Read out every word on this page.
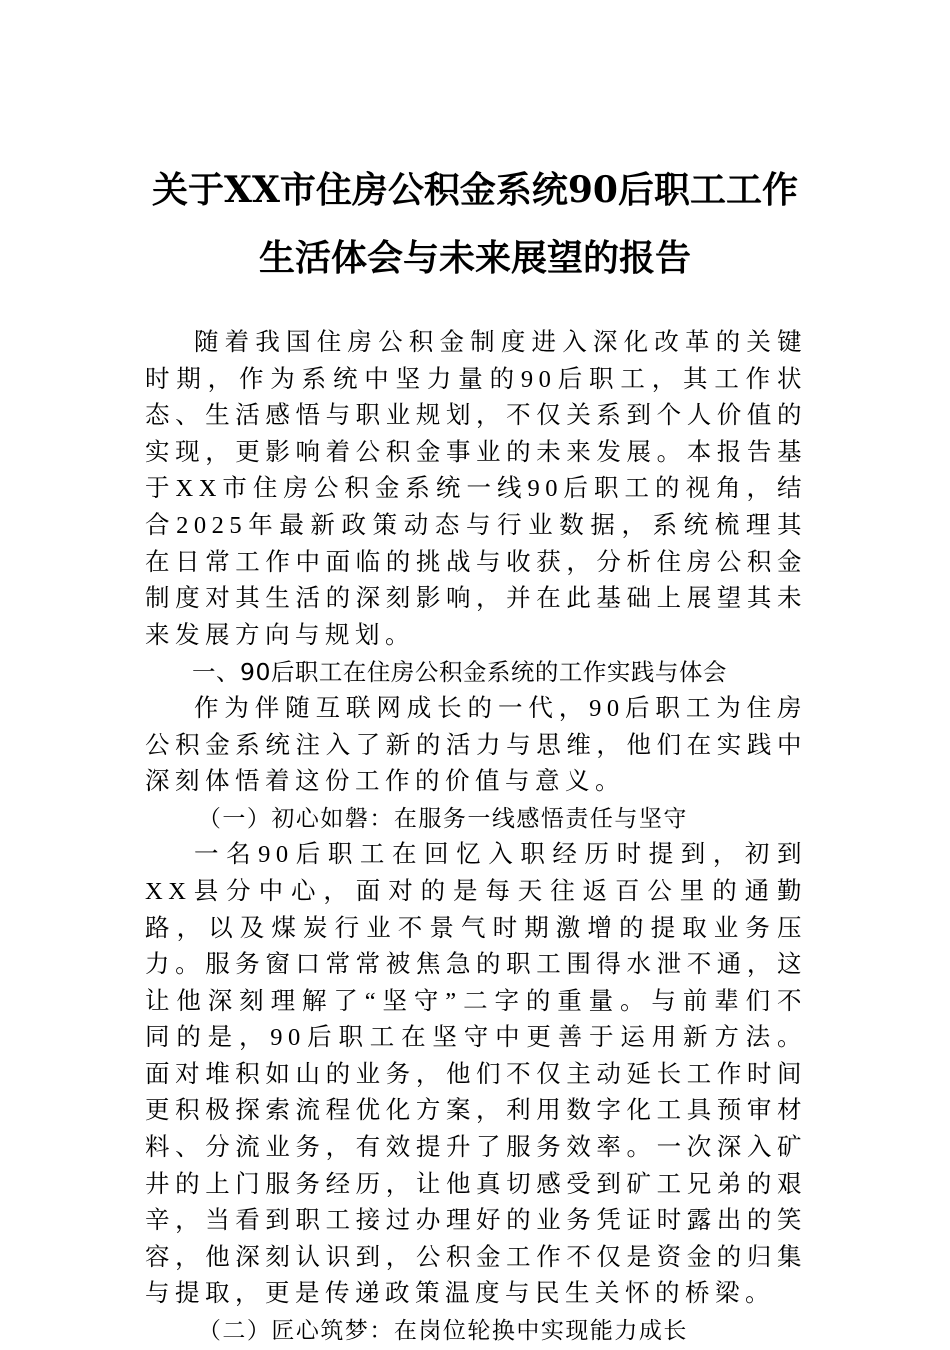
关于XX市住房公积金系统90后职工工作
生活体会与未来展望的报告

随着我国住房公积金制度进入深化改革的关键时期，作为系统中坚力量的90后职工，其工作状态、生活感悟与职业规划，不仅关系到个人价值的实现，更影响着公积金事业的未来发展。本报告基于XX市住房公积金系统一线90后职工的视角，结合2025年最新政策动态与行业数据，系统梳理其在日常工作中面临的挑战与收获，分析住房公积金制度对其生活的深刻影响，并在此基础上展望其未来发展方向与规划。

一、90后职工在住房公积金系统的工作实践与体会

作为伴随互联网成长的一代，90后职工为住房公积金系统注入了新的活力与思维，他们在实践中深刻体悟着这份工作的价值与意义。

（一）初心如磐：在服务一线感悟责任与坚守

一名90后职工在回忆入职经历时提到，初到XX县分中心，面对的是每天往返百公里的通勤路，以及煤炭行业不景气时期激增的提取业务压力。服务窗口常常被焦急的职工围得水泄不通，这让他深刻理解了“坚守”二字的重量。与前辈们不同的是，90后职工在坚守中更善于运用新方法。面对堆积如山的业务，他们不仅主动延长工作时间更积极探索流程优化方案，利用数字化工具预审材料、分流业务，有效提升了服务效率。一次深入矿井的上门服务经历，让他真切感受到矿工兄弟的艰辛，当看到职工接过办理好的业务凭证时露出的笑容，他深刻认识到，公积金工作不仅是资金的归集与提取，更是传递政策温度与民生关怀的桥梁。

（二）匠心筑梦：在岗位轮换中实现能力成长
